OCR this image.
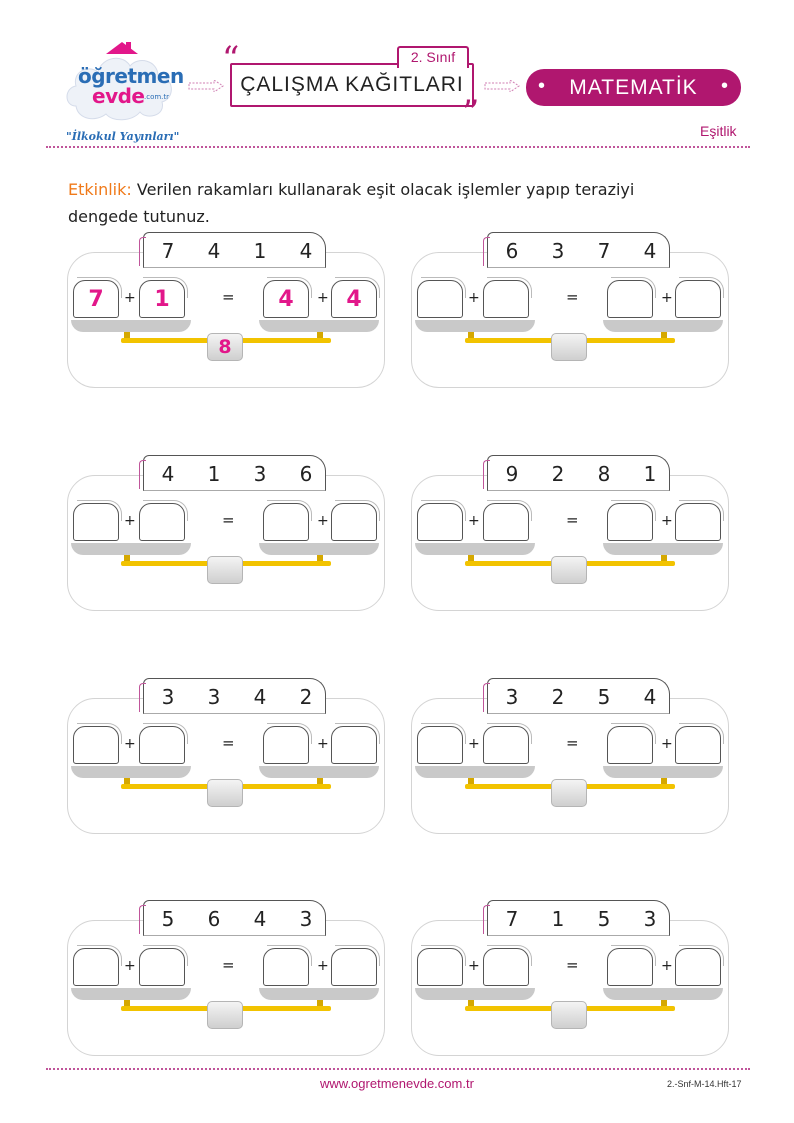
öğretmen
evde .com.tr
"İlkokul Yayınları"
“
ÇALIŞMA KAĞITLARI
2. Sınıf
”
•	MATEMATİK	•
Eşitlik
Etkinlik: Verilen rakamları kullanarak eşit olacak işlemler yapıp teraziyi dengede tutunuz.
7 4 1 4
7	1	4	4
+	+
=
8
6 3 7 4
+	+
=
4 1 3 6
+	+
=
9 2 8 1
+	+
=
3 3 4 2
+	+
=
3 2 5 4
+	+
=
5 6 4 3
+	+
=
7 1 5 3
+	+
=
www.ogretmenevde.com.tr	2.-Snf-M-14.Hft-17
